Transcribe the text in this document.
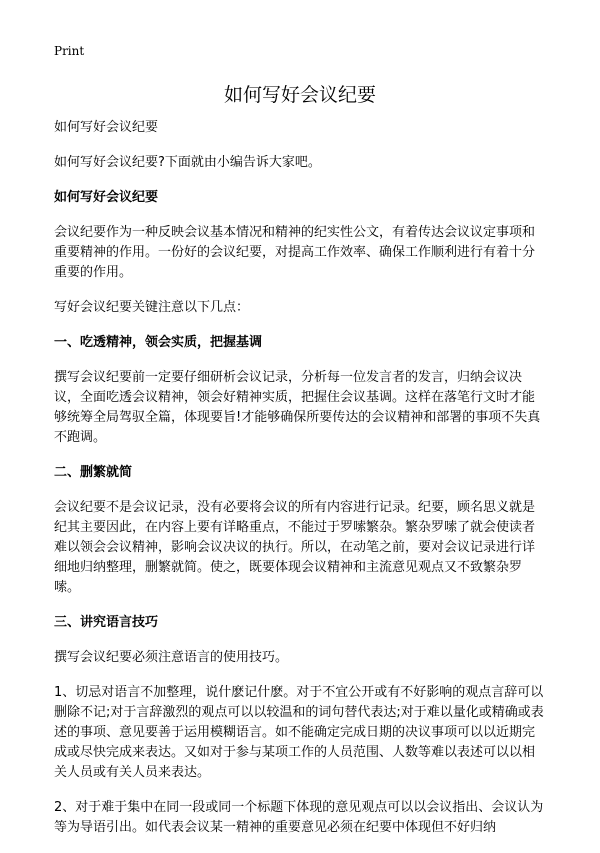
Print
如何写好会议纪要

如何写好会议纪要

如何写好会议纪要?下面就由小编告诉大家吧。

如何写好会议纪要

会议纪要作为一种反映会议基本情况和精神的纪实性公文，有着传达会议议定事项和重要精神的作用。一份好的会议纪要，对提高工作效率、确保工作顺利进行有着十分重要的作用。

写好会议纪要关键注意以下几点：

一、吃透精神，领会实质，把握基调

撰写会议纪要前一定要仔细研析会议记录，分析每一位发言者的发言，归纳会议决议，全面吃透会议精神，领会好精神实质，把握住会议基调。这样在落笔行文时才能够统筹全局驾驭全篇，体现要旨!才能够确保所要传达的会议精神和部署的事项不失真不跑调。

二、删繁就简

会议纪要不是会议记录，没有必要将会议的所有内容进行记录。纪要，顾名思义就是纪其主要因此，在内容上要有详略重点，不能过于罗嗦繁杂。繁杂罗嗦了就会使读者难以领会会议精神，影响会议决议的执行。所以，在动笔之前，要对会议记录进行详细地归纳整理，删繁就简。使之，既要体现会议精神和主流意见观点又不致繁杂罗嗦。

三、讲究语言技巧

撰写会议纪要必须注意语言的使用技巧。

1、切忌对语言不加整理，说什麽记什麽。对于不宜公开或有不好影响的观点言辞可以删除不记;对于言辞激烈的观点可以以较温和的词句替代表达;对于难以量化或精确或表述的事项、意见要善于运用模糊语言。如不能确定完成日期的决议事项可以以近期完成或尽快完成来表达。又如对于参与某项工作的人员范围、人数等难以表述可以以相关人员或有关人员来表达。

2、对于难于集中在同一段或同一个标题下体现的意见观点可以以会议指出、会议认为等为导语引出。如代表会议某一精神的重要意见必须在纪要中体现但不好归纳
